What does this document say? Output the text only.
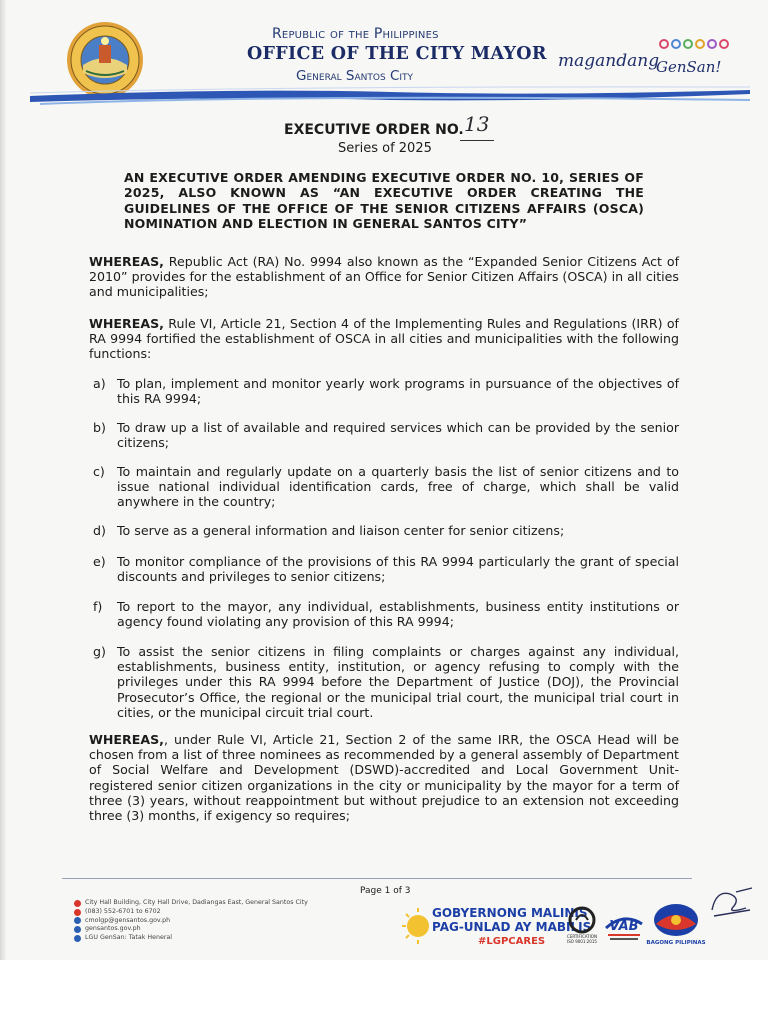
Republic of the Philippines
OFFICE OF THE CITY MAYOR
General Santos City
magandang
GenSan!
EXECUTIVE ORDER NO. 13
Series of 2025
AN EXECUTIVE ORDER AMENDING EXECUTIVE ORDER NO. 10, SERIES OF 2025, ALSO KNOWN AS “AN EXECUTIVE ORDER CREATING THE GUIDELINES OF THE OFFICE OF THE SENIOR CITIZENS AFFAIRS (OSCA) NOMINATION AND ELECTION IN GENERAL SANTOS CITY”
WHEREAS, Republic Act (RA) No. 9994 also known as the “Expanded Senior Citizens Act of 2010” provides for the establishment of an Office for Senior Citizen Affairs (OSCA) in all cities and municipalities;
WHEREAS, Rule VI, Article 21, Section 4 of the Implementing Rules and Regulations (IRR) of RA 9994 fortified the establishment of OSCA in all cities and municipalities with the following functions:
a) To plan, implement and monitor yearly work programs in pursuance of the objectives of this RA 9994;
b) To draw up a list of available and required services which can be provided by the senior citizens;
c) To maintain and regularly update on a quarterly basis the list of senior citizens and to issue national individual identification cards, free of charge, which shall be valid anywhere in the country;
d) To serve as a general information and liaison center for senior citizens;
e) To monitor compliance of the provisions of this RA 9994 particularly the grant of special discounts and privileges to senior citizens;
f) To report to the mayor, any individual, establishments, business entity institutions or agency found violating any provision of this RA 9994;
g) To assist the senior citizens in filing complaints or charges against any individual, establishments, business entity, institution, or agency refusing to comply with the privileges under this RA 9994 before the Department of Justice (DOJ), the Provincial Prosecutor’s Office, the regional or the municipal trial court, the municipal trial court in cities, or the municipal circuit trial court.
WHEREAS,, under Rule VI, Article 21, Section 2 of the same IRR, the OSCA Head will be chosen from a list of three nominees as recommended by a general assembly of Department of Social Welfare and Development (DSWD)-accredited and Local Government Unit-registered senior citizen organizations in the city or municipality by the mayor for a term of three (3) years, without reappointment but without prejudice to an extension not exceeding three (3) months, if exigency so requires;
Page 1 of 3
City Hall Building, City Hall Drive, Dadiangas East, General Santos City
(083) 552-6701 to 6702
cmolgp@gensantos.gov.ph
gensantos.gov.ph
LGU GenSan: Tatak Heneral
GOBYERNONG MALINIS
PAG-UNLAD AY MABILIS
#LGPCARES	CERTIFICATION
ISO 9001:2015
VAB
BAGONG PILIPINAS
